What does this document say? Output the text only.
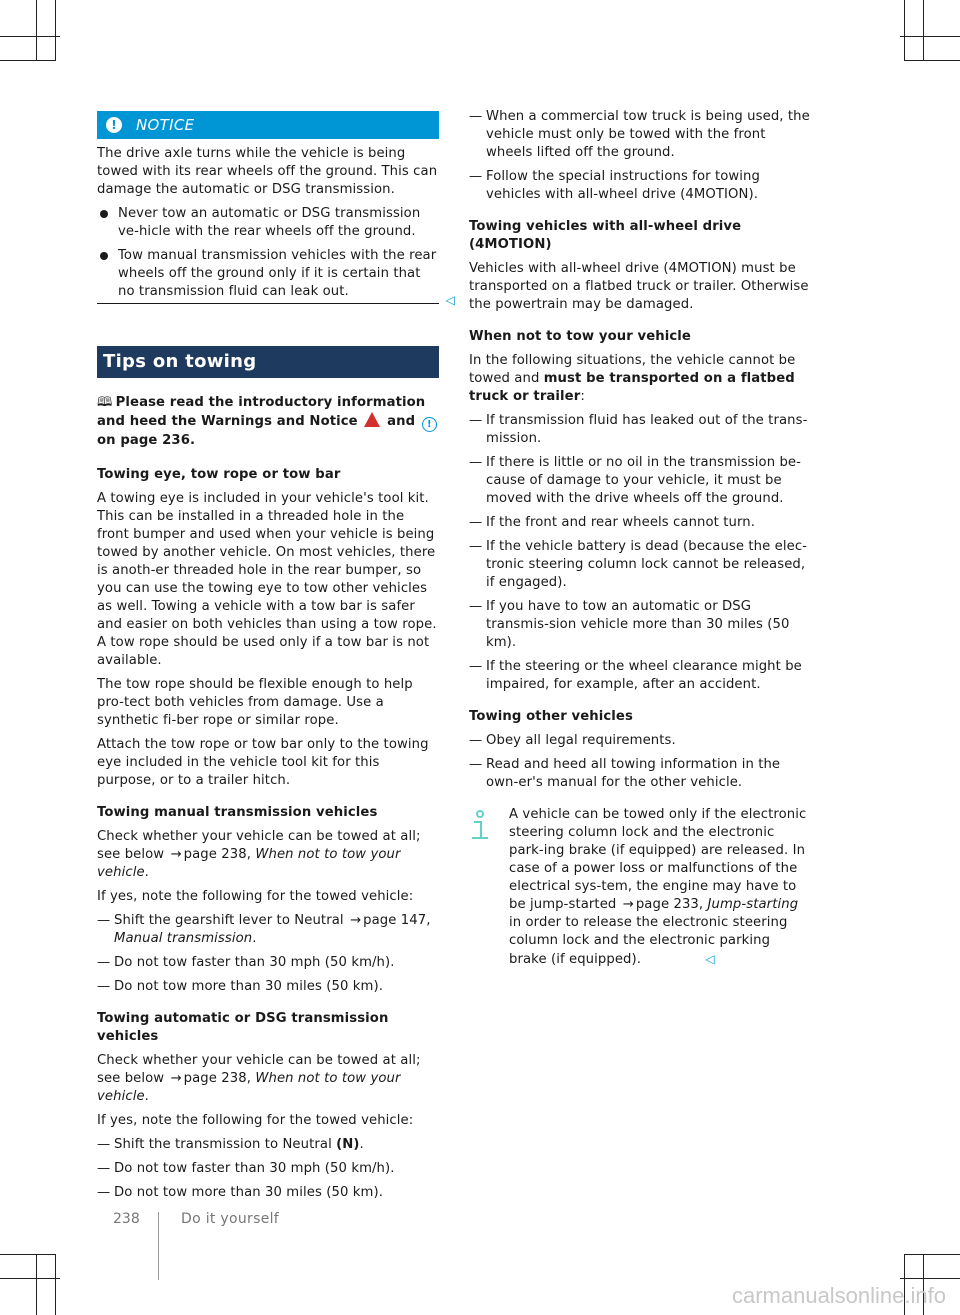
!	NOTICE

The drive axle turns while the vehicle is being towed with its rear wheels off the ground. This can damage the automatic or DSG transmission.

Never tow an automatic or DSG transmission ve-hicle with the rear wheels off the ground.
Tow manual transmission vehicles with the rear wheels off the ground only if it is certain that no transmission fluid can leak out.
◁
Tips on towing

🕮 Please read the introductory information and heed the Warnings and Notice and ! on page 236.

Towing eye, tow rope or tow bar

A towing eye is included in your vehicle's tool kit. This can be installed in a threaded hole in the front bumper and used when your vehicle is being towed by another vehicle. On most vehicles, there is anoth-er threaded hole in the rear bumper, so you can use the towing eye to tow other vehicles as well. Towing a vehicle with a tow bar is safer and easier on both vehicles than using a tow rope. A tow rope should be used only if a tow bar is not available.

The tow rope should be flexible enough to help pro-tect both vehicles from damage. Use a synthetic fi-ber rope or similar rope.

Attach the tow rope or tow bar only to the towing eye included in the vehicle tool kit for this purpose, or to a trailer hitch.

Towing manual transmission vehicles

Check whether your vehicle can be towed at all; see below → page 238, When not to tow your vehicle.

If yes, note the following for the towed vehicle:

— Shift the gearshift lever to Neutral → page 147, Manual transmission.
— Do not tow faster than 30 mph (50 km/h).
— Do not tow more than 30 miles (50 km).

Towing automatic or DSG transmission vehicles

Check whether your vehicle can be towed at all; see below → page 238, When not to tow your vehicle.

If yes, note the following for the towed vehicle:

— Shift the transmission to Neutral (N).
— Do not tow faster than 30 mph (50 km/h).
— Do not tow more than 30 miles (50 km).
— When a commercial tow truck is being used, the vehicle must only be towed with the front wheels lifted off the ground.
— Follow the special instructions for towing vehicles with all-wheel drive (4MOTION).

Towing vehicles with all-wheel drive (4MOTION)

Vehicles with all-wheel drive (4MOTION) must be transported on a flatbed truck or trailer. Otherwise the powertrain may be damaged.

When not to tow your vehicle

In the following situations, the vehicle cannot be towed and must be transported on a flatbed truck or trailer:

— If transmission fluid has leaked out of the trans-mission.
— If there is little or no oil in the transmission be-cause of damage to your vehicle, it must be moved with the drive wheels off the ground.
— If the front and rear wheels cannot turn.
— If the vehicle battery is dead (because the elec-tronic steering column lock cannot be released, if engaged).
— If you have to tow an automatic or DSG transmis-sion vehicle more than 30 miles (50 km).
— If the steering or the wheel clearance might be impaired, for example, after an accident.

Towing other vehicles

— Obey all legal requirements.
— Read and heed all towing information in the own-er's manual for the other vehicle.
A vehicle can be towed only if the electronic steering column lock and the electronic park-ing brake (if equipped) are released. In case of a power loss or malfunctions of the electrical sys-tem, the engine may have to be jump-started → page 233, Jump-starting in order to release the electronic steering column lock and the electronic parking brake (if equipped).	◁
238	Do it yourself
carmanualsonline.info
